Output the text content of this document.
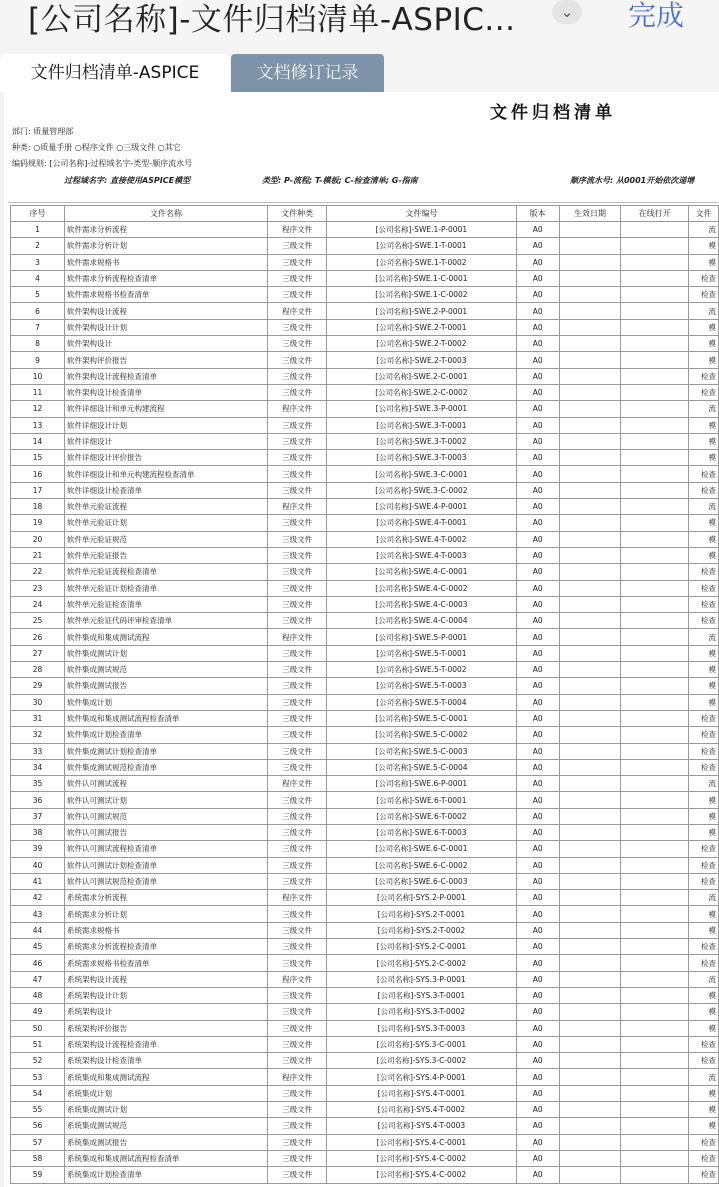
[公司名称]-文件归档清单-ASPIC...	⌄	完成
文件归档清单-ASPICE	文档修订记录
文件归档清单
部门: 质量管理部
种类: ○质量手册 ○程序文件 ○三级文件 ○其它
编码规则: [公司名称]-过程域名字-类型-顺序流水号
过程域名字: 直接使用ASPICE模型	类型: P-流程; T-模板; C-检查清单; G-指南	顺序流水号: 从0001开始依次递增
序号	文件名称	文件种类	文件编号	版本	生效日期	在线打开	文件
1	软件需求分析流程	程序文件	[公司名称]-SWE.1-P-0001	A0			流
2	软件需求分析计划	三级文件	[公司名称]-SWE.1-T-0001	A0			模
3	软件需求规格书	三级文件	[公司名称]-SWE.1-T-0002	A0			模
4	软件需求分析流程检查清单	三级文件	[公司名称]-SWE.1-C-0001	A0			检查
5	软件需求规格书检查清单	三级文件	[公司名称]-SWE.1-C-0002	A0			检查
6	软件架构设计流程	程序文件	[公司名称]-SWE.2-P-0001	A0			流
7	软件架构设计计划	三级文件	[公司名称]-SWE.2-T-0001	A0			模
8	软件架构设计	三级文件	[公司名称]-SWE.2-T-0002	A0			模
9	软件架构评价报告	三级文件	[公司名称]-SWE.2-T-0003	A0			模
10	软件架构设计流程检查清单	三级文件	[公司名称]-SWE.2-C-0001	A0			检查
11	软件架构设计检查清单	三级文件	[公司名称]-SWE.2-C-0002	A0			检查
12	软件详细设计和单元构建流程	程序文件	[公司名称]-SWE.3-P-0001	A0			流
13	软件详细设计计划	三级文件	[公司名称]-SWE.3-T-0001	A0			模
14	软件详细设计	三级文件	[公司名称]-SWE.3-T-0002	A0			模
15	软件详细设计评价报告	三级文件	[公司名称]-SWE.3-T-0003	A0			模
16	软件详细设计和单元构建流程检查清单	三级文件	[公司名称]-SWE.3-C-0001	A0			检查
17	软件详细设计检查清单	三级文件	[公司名称]-SWE.3-C-0002	A0			检查
18	软件单元验证流程	程序文件	[公司名称]-SWE.4-P-0001	A0			流
19	软件单元验证计划	三级文件	[公司名称]-SWE.4-T-0001	A0			模
20	软件单元验证规范	三级文件	[公司名称]-SWE.4-T-0002	A0			模
21	软件单元验证报告	三级文件	[公司名称]-SWE.4-T-0003	A0			模
22	软件单元验证流程检查清单	三级文件	[公司名称]-SWE.4-C-0001	A0			检查
23	软件单元验证计划检查清单	三级文件	[公司名称]-SWE.4-C-0002	A0			检查
24	软件单元验证检查清单	三级文件	[公司名称]-SWE.4-C-0003	A0			检查
25	软件单元验证代码评审检查清单	三级文件	[公司名称]-SWE.4-C-0004	A0			检查
26	软件集成和集成测试流程	程序文件	[公司名称]-SWE.5-P-0001	A0			流
27	软件集成测试计划	三级文件	[公司名称]-SWE.5-T-0001	A0			模
28	软件集成测试规范	三级文件	[公司名称]-SWE.5-T-0002	A0			模
29	软件集成测试报告	三级文件	[公司名称]-SWE.5-T-0003	A0			模
30	软件集成计划	三级文件	[公司名称]-SWE.5-T-0004	A0			模
31	软件集成和集成测试流程检查清单	三级文件	[公司名称]-SWE.5-C-0001	A0			检查
32	软件集成计划检查清单	三级文件	[公司名称]-SWE.5-C-0002	A0			检查
33	软件集成测试计划检查清单	三级文件	[公司名称]-SWE.5-C-0003	A0			检查
34	软件集成测试规范检查清单	三级文件	[公司名称]-SWE.5-C-0004	A0			检查
35	软件认可测试流程	程序文件	[公司名称]-SWE.6-P-0001	A0			流
36	软件认可测试计划	三级文件	[公司名称]-SWE.6-T-0001	A0			模
37	软件认可测试规范	三级文件	[公司名称]-SWE.6-T-0002	A0			模
38	软件认可测试报告	三级文件	[公司名称]-SWE.6-T-0003	A0			模
39	软件认可测试流程检查清单	三级文件	[公司名称]-SWE.6-C-0001	A0			检查
40	软件认可测试计划检查清单	三级文件	[公司名称]-SWE.6-C-0002	A0			检查
41	软件认可测试规范检查清单	三级文件	[公司名称]-SWE.6-C-0003	A0			检查
42	系统需求分析流程	程序文件	[公司名称]-SYS.2-P-0001	A0			流
43	系统需求分析计划	三级文件	[公司名称]-SYS.2-T-0001	A0			模
44	系统需求规格书	三级文件	[公司名称]-SYS.2-T-0002	A0			模
45	系统需求分析流程检查清单	三级文件	[公司名称]-SYS.2-C-0001	A0			检查
46	系统需求规格书检查清单	三级文件	[公司名称]-SYS.2-C-0002	A0			检查
47	系统架构设计流程	程序文件	[公司名称]-SYS.3-P-0001	A0			流
48	系统架构设计计划	三级文件	[公司名称]-SYS.3-T-0001	A0			模
49	系统架构设计	三级文件	[公司名称]-SYS.3-T-0002	A0			模
50	系统架构评价报告	三级文件	[公司名称]-SYS.3-T-0003	A0			模
51	系统架构设计流程检查清单	三级文件	[公司名称]-SYS.3-C-0001	A0			检查
52	系统架构设计检查清单	三级文件	[公司名称]-SYS.3-C-0002	A0			检查
53	系统集成和集成测试流程	程序文件	[公司名称]-SYS.4-P-0001	A0			流
54	系统集成计划	三级文件	[公司名称]-SYS.4-T-0001	A0			模
55	系统集成测试计划	三级文件	[公司名称]-SYS.4-T-0002	A0			模
56	系统集成测试规范	三级文件	[公司名称]-SYS.4-T-0003	A0			模
57	系统集成测试报告	三级文件	[公司名称]-SYS.4-C-0001	A0			检查
58	系统集成和集成测试流程检查清单	三级文件	[公司名称]-SYS.4-C-0002	A0			检查
59	系统集成计划检查清单	三级文件	[公司名称]-SYS.4-C-0002	A0			检查
